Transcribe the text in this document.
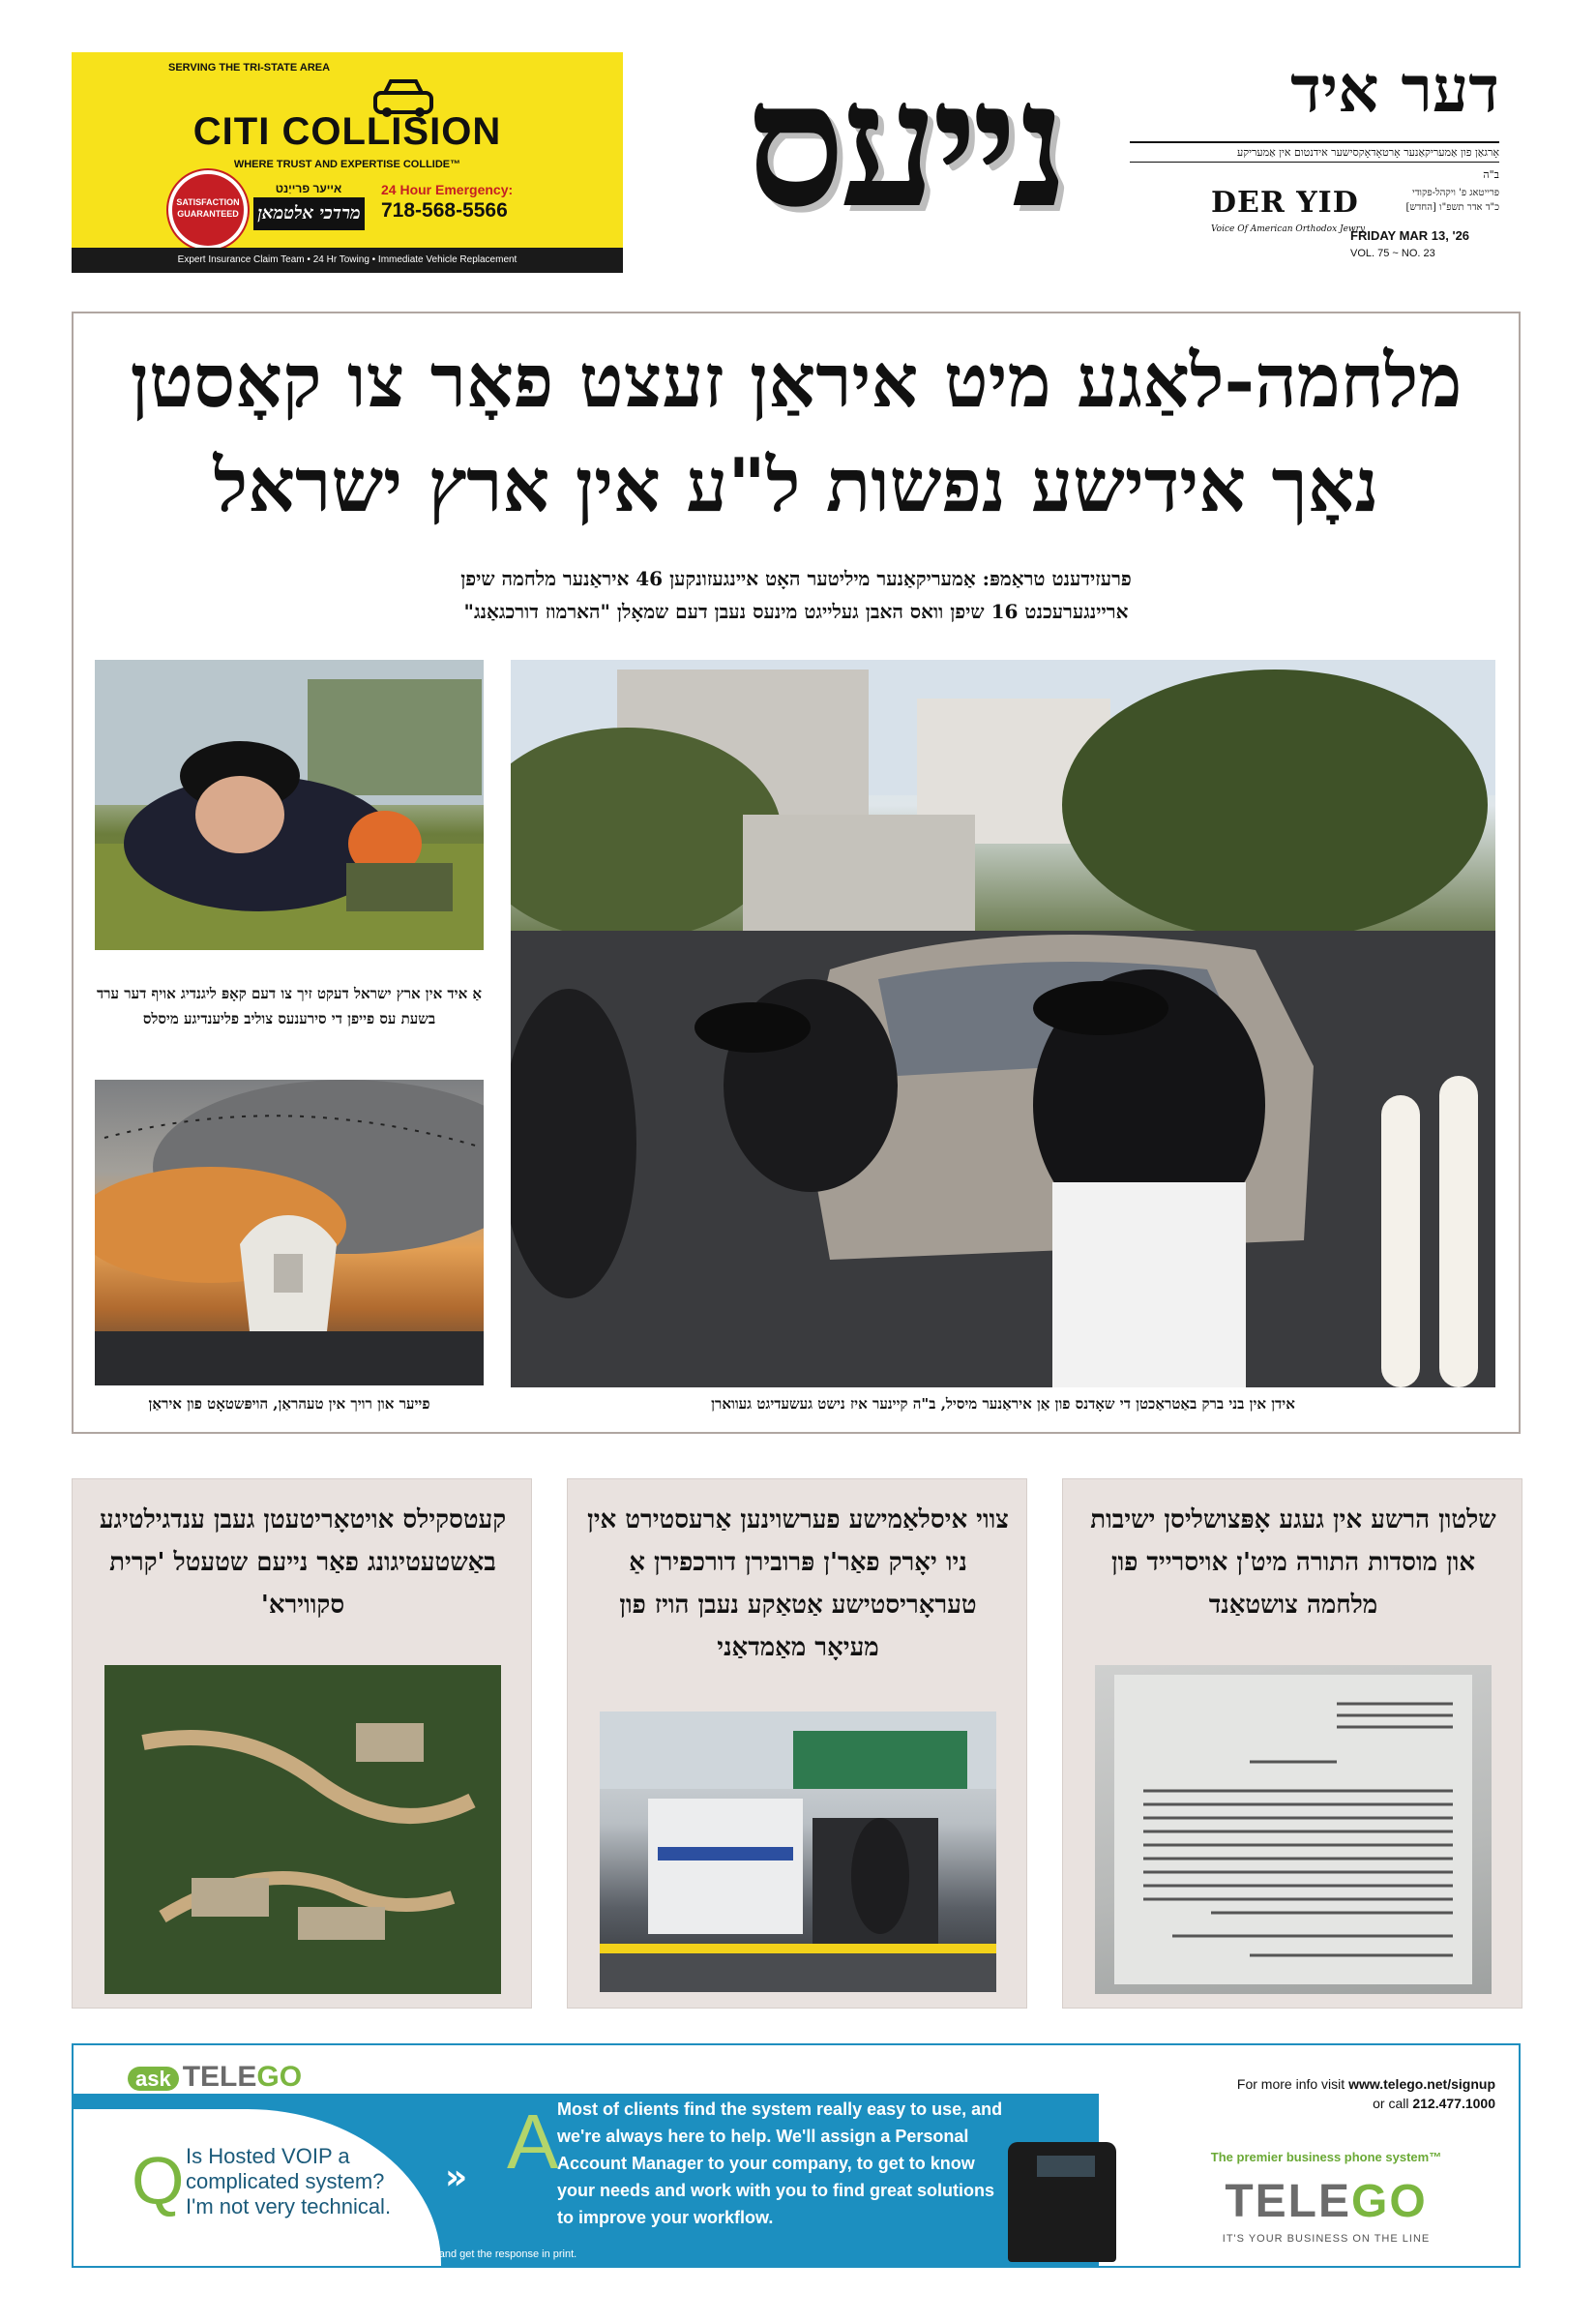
SERVING THE TRI-STATE AREA
CITI COLLISION
WHERE TRUST AND EXPERTISE COLLIDE™
SATISFACTION GUARANTEED
אייער פרייַנט
מרדכי אלטמאן
24 Hour Emergency:
718-568-5566
Expert Insurance Claim Team • 24 Hr Towing • Immediate Vehicle Replacement
נייעס	דער איד
אָרגאַן פון אַמעריקאַנער אָרטאָדאָקסישער אידנטום אין אַמעריקע
DER YID
Voice Of American Orthodox Jewry
ב"ה
פרייטאג פ' ויקהל-פקודי
כ"ד אדר תשפ"ו [החדש]
FRIDAY MAR 13, '26
VOL. 75 ~ NO. 23
מלחמה-לאַגע מיט איראַן זעצט פאָר צו קאָסטן
נאָך אידישע נפשות ל"ע אין ארץ ישראל
פרעזידענט טראַמפּ: אַמעריקאַנער מיליטער האָט איינגעזונקען 46 איראַנער מלחמה שיפן
אריינגערעכנט 16 שיפן וואס האבן געלייגט מינעס נעבן דעם שמאָלן "הארמוז דורכגאַנג"
אַ איד אין ארץ ישראל דעקט זיך צו דעם קאָפּ ליגנדיג אויף דער ערד בשעת עס פייפן די סירענעס צוליב פליענדיגע מיסלס
פייער און רויך אין טעהראַן, הויפּשטאָט פון איראַן	אידן אין בני ברק באַטראַכטן די שאָדנס פון אַן איראַנער מיסיל, ב"ה קיינער איז נישט געשעדיגט געווארן
קעטסקילס אויטאָריטעטן געבן ענדגילטיגע באַשטעטיגונג פאַר נייעם שטעטל 'קרית סקווירא'
צווי איסלאַמישע פערשוינען אַרעסטירט אין ניו יאָרק פאַר'ן פּרובירן דורכפירן אַ טעראָריסטישע אַטאַקע נעבן הויז פון מעיאָר מאַמדאַני
שלטון הרשע אין געגע אָפּצושליסן ישיבות און מוסדות התורה מיט'ן אויסרייד פון מלחמה צושטאַנד
ask TELEGO
Q Is Hosted VOIP a complicated system? I'm not very technical.
» A
Most of clients find the system really easy to use, and we're always here to help. We'll assign a Personal Account Manager to your company, to get to know your needs and work with you to find great solutions to improve your workflow.
Have a question about business phone systems? Call or send it in, and get the response in print.
For more info visit www.telego.net/signup
or call 212.477.1000
The premier business phone system™
TELEGO
IT'S YOUR BUSINESS ON THE LINE
